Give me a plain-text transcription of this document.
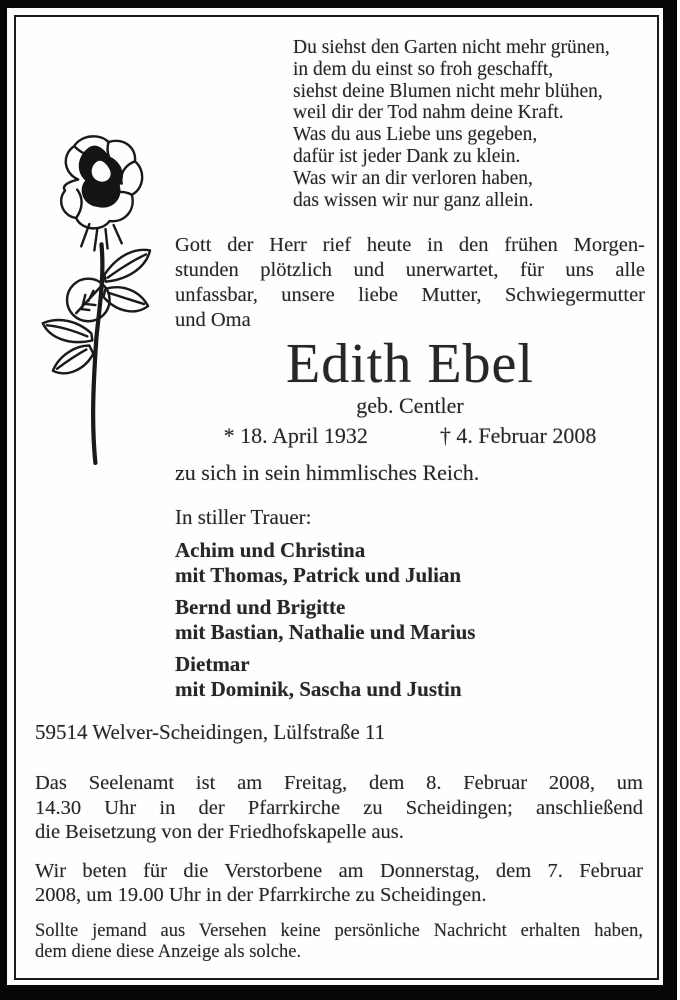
Du siehst den Garten nicht mehr grünen,
in dem du einst so froh geschafft,
siehst deine Blumen nicht mehr blühen,
weil dir der Tod nahm deine Kraft.
Was du aus Liebe uns gegeben,
dafür ist jeder Dank zu klein.
Was wir an dir verloren haben,
das wissen wir nur ganz allein.
Gott der Herr rief heute in den frühen Morgen-
stunden plötzlich und unerwartet, für uns alle
unfassbar, unsere liebe Mutter, Schwiegermutter
und Oma
Edith Ebel
geb. Centler
* 18. April 1932	† 4. Februar 2008
zu sich in sein himmlisches Reich.
In stiller Trauer:
Achim und Christina
mit Thomas, Patrick und Julian
Bernd und Brigitte
mit Bastian, Nathalie und Marius
Dietmar
mit Dominik, Sascha und Justin
59514 Welver-Scheidingen, Lülfstraße 11
Das Seelenamt ist am Freitag, dem 8. Februar 2008, um
14.30 Uhr in der Pfarrkirche zu Scheidingen; anschließend
die Beisetzung von der Friedhofskapelle aus.
Wir beten für die Verstorbene am Donnerstag, dem 7. Februar
2008, um 19.00 Uhr in der Pfarrkirche zu Scheidingen.
Sollte jemand aus Versehen keine persönliche Nachricht erhalten haben,
dem diene diese Anzeige als solche.
